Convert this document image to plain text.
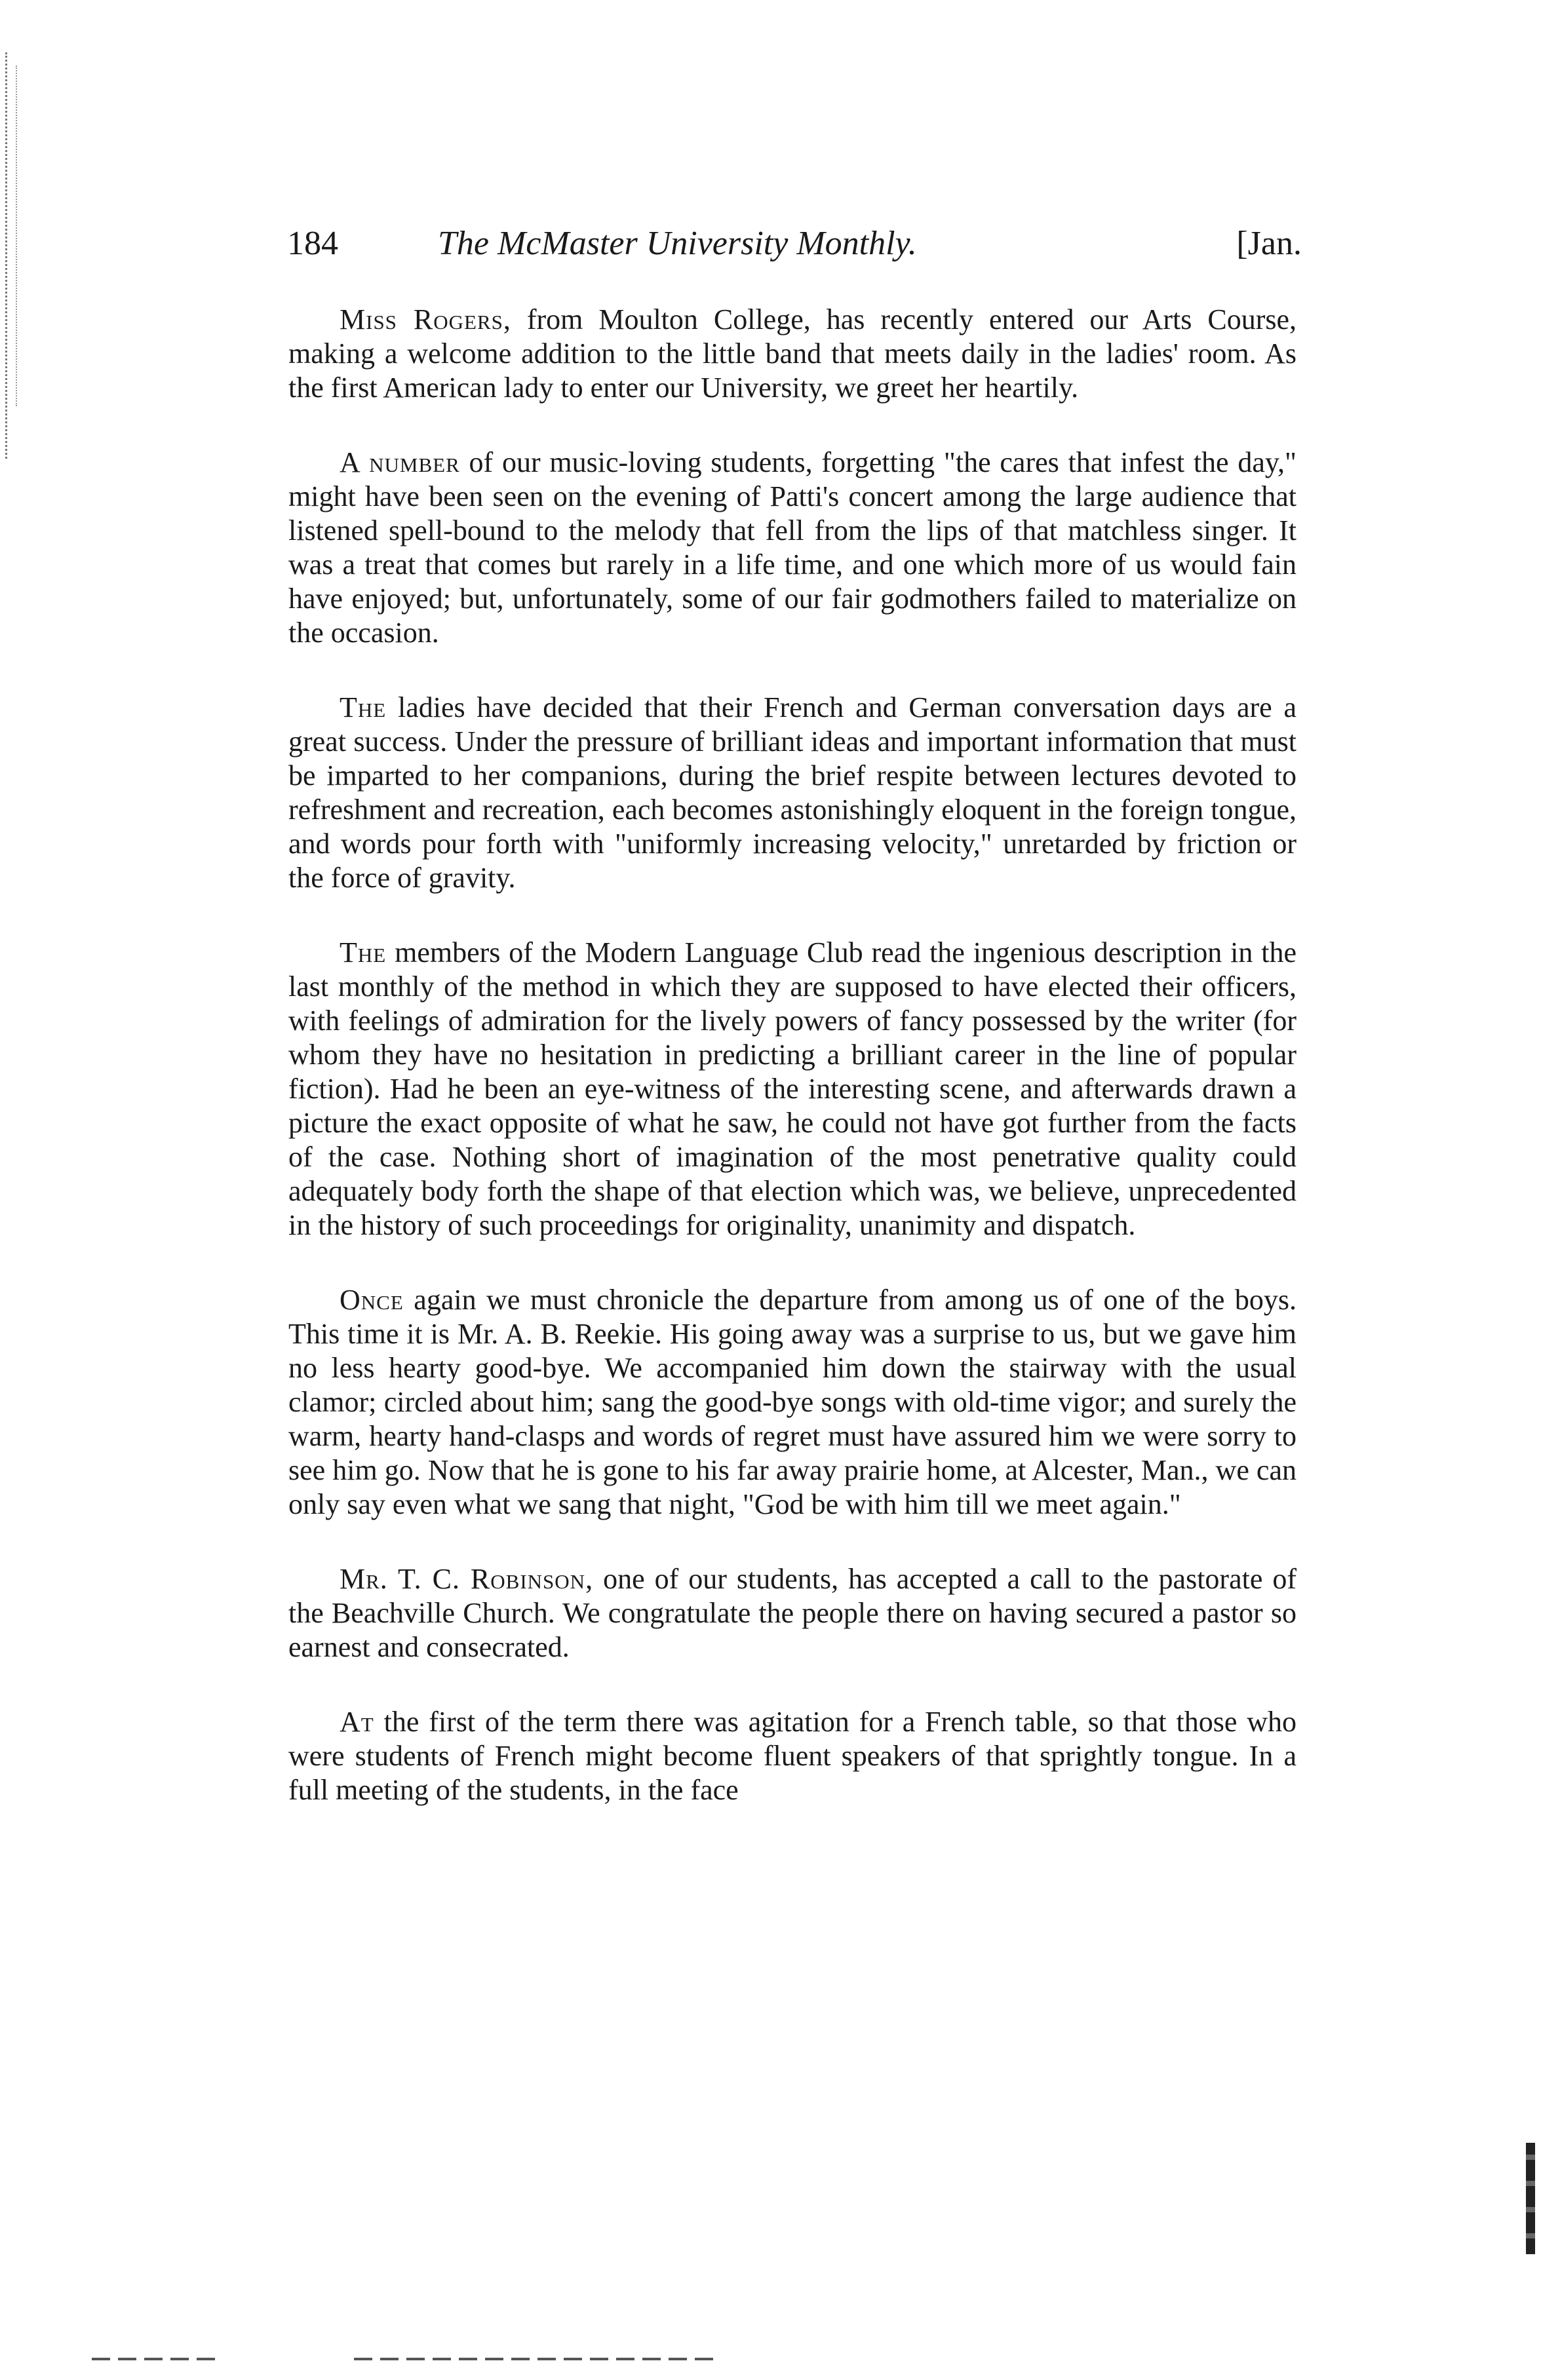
184	The McMaster University Monthly.	[Jan.

Miss Rogers, from Moulton College, has recently entered our Arts Course, making a welcome addition to the little band that meets daily in the ladies' room. As the first American lady to enter our University, we greet her heartily.

A number of our music-loving students, forgetting "the cares that infest the day," might have been seen on the evening of Patti's concert among the large audience that listened spell-bound to the melody that fell from the lips of that matchless singer. It was a treat that comes but rarely in a life time, and one which more of us would fain have enjoyed; but, unfortunately, some of our fair godmothers failed to materialize on the occasion.

The ladies have decided that their French and German conversation days are a great success. Under the pressure of brilliant ideas and important information that must be imparted to her companions, during the brief respite between lectures devoted to refreshment and recreation, each becomes astonishingly eloquent in the foreign tongue, and words pour forth with "uniformly increasing velocity," unretarded by friction or the force of gravity.

The members of the Modern Language Club read the ingenious description in the last monthly of the method in which they are supposed to have elected their officers, with feelings of admiration for the lively powers of fancy possessed by the writer (for whom they have no hesitation in predicting a brilliant career in the line of popular fiction). Had he been an eye-witness of the interesting scene, and afterwards drawn a picture the exact opposite of what he saw, he could not have got further from the facts of the case. Nothing short of imagination of the most penetrative quality could adequately body forth the shape of that election which was, we believe, unprecedented in the history of such proceedings for originality, unanimity and dispatch.

Once again we must chronicle the departure from among us of one of the boys. This time it is Mr. A. B. Reekie. His going away was a surprise to us, but we gave him no less hearty good-bye. We accompanied him down the stairway with the usual clamor; circled about him; sang the good-bye songs with old-time vigor; and surely the warm, hearty hand-clasps and words of regret must have assured him we were sorry to see him go. Now that he is gone to his far away prairie home, at Alcester, Man., we can only say even what we sang that night, "God be with him till we meet again."

Mr. T. C. Robinson, one of our students, has accepted a call to the pastorate of the Beachville Church. We congratulate the people there on having secured a pastor so earnest and consecrated.

At the first of the term there was agitation for a French table, so that those who were students of French might become fluent speakers of that sprightly tongue. In a full meeting of the students, in the face
